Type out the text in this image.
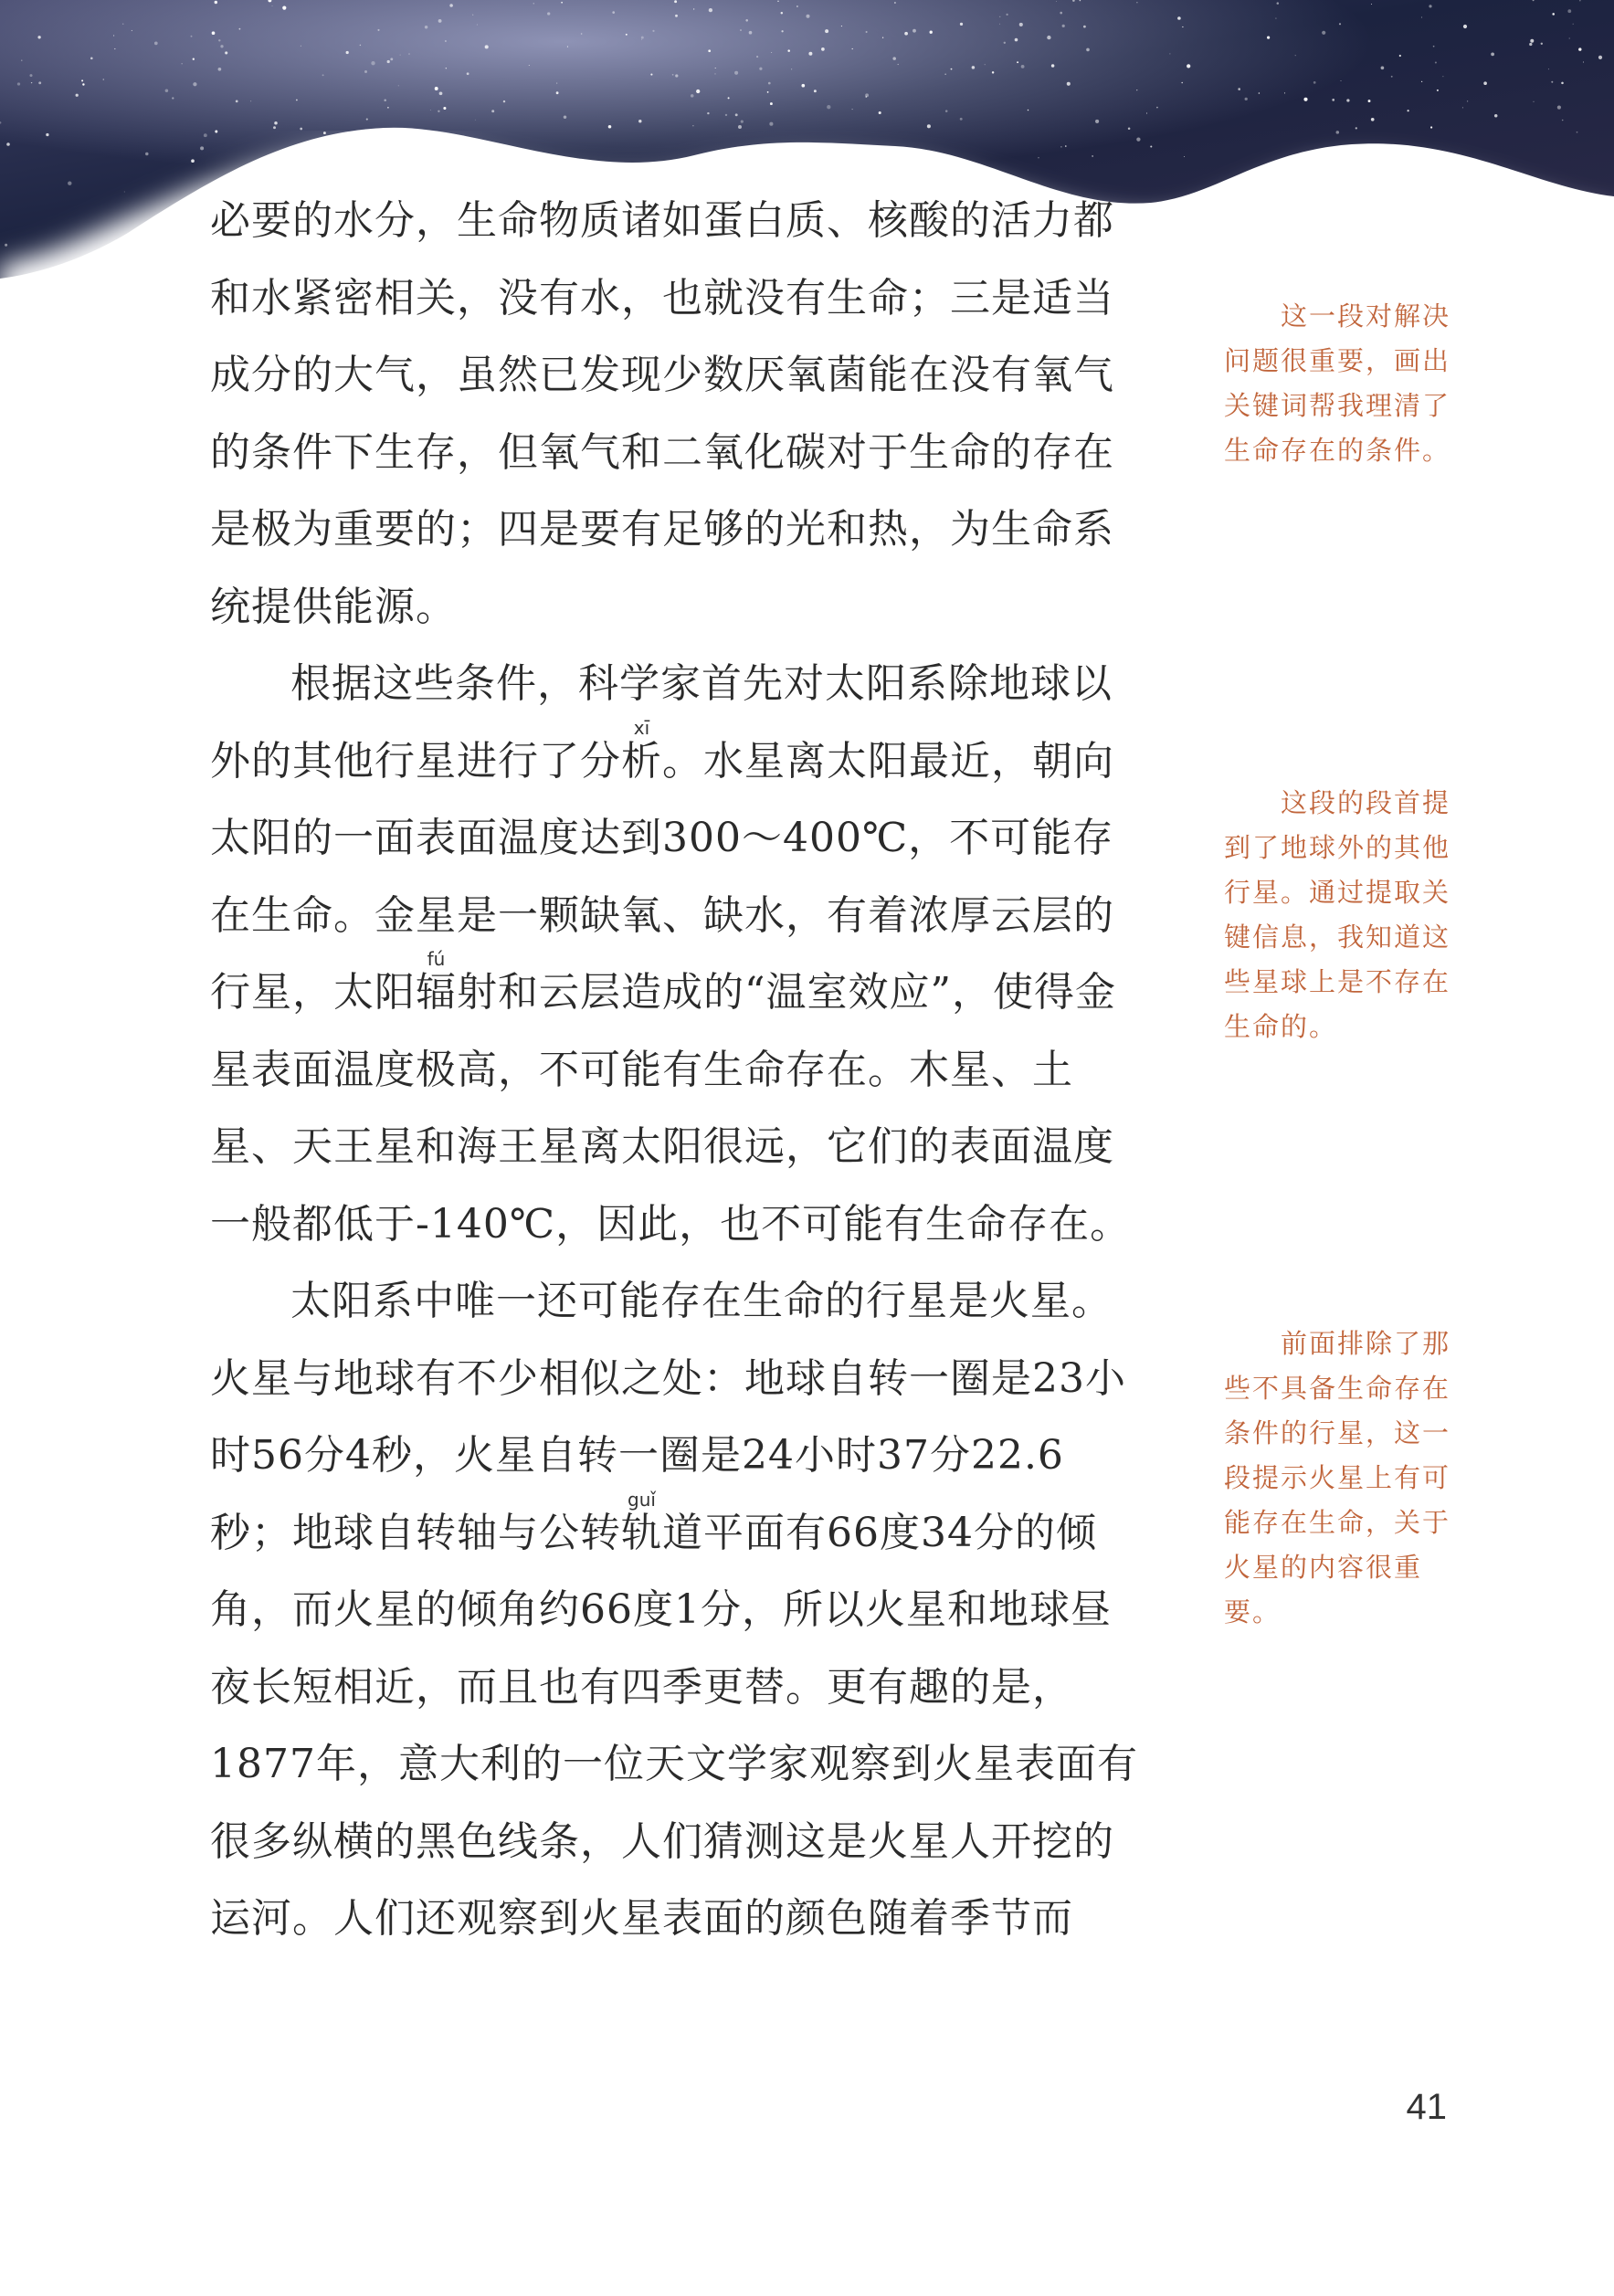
必要的水分，生命物质诸如蛋白质、核酸的活力都和水紧密相关，没有水，也就没有生命；三是适当成分的大气，虽然已发现少数厌氧菌能在没有氧气的条件下生存，但氧气和二氧化碳对于生命的存在是极为重要的；四是要有足够的光和热，为生命系统提供能源。

根据这些条件，科学家首先对太阳系除地球以外的其他行星进行了分析xī。水星离太阳最近，朝向太阳的一面表面温度达到300～400℃，不可能存在生命。金星是一颗缺氧、缺水，有着浓厚云层的行星，太阳辐fú射和云层造成的“温室效应”，使得金星表面温度极高，不可能有生命存在。木星、土星、天王星和海王星离太阳很远，它们的表面温度一般都低于-140℃，因此，也不可能有生命存在。

太阳系中唯一还可能存在生命的行星是火星。火星与地球有不少相似之处：地球自转一圈是23小时56分4秒，火星自转一圈是24小时37分22.6秒；地球自转轴与公转轨guǐ道平面有66度34分的倾角，而火星的倾角约66度1分，所以火星和地球昼夜长短相近，而且也有四季更替。更有趣的是，1877年，意大利的一位天文学家观察到火星表面有很多纵横的黑色线条，人们猜测这是火星人开挖的运河。人们还观察到火星表面的颜色随着季节而

这一段对解决问题很重要，画出关键词帮我理清了生命存在的条件。
这段的段首提到了地球外的其他行星。通过提取关键信息，我知道这些星球上是不存在生命的。
前面排除了那些不具备生命存在条件的行星，这一段提示火星上有可能存在生命，关于火星的内容很重要。
41
